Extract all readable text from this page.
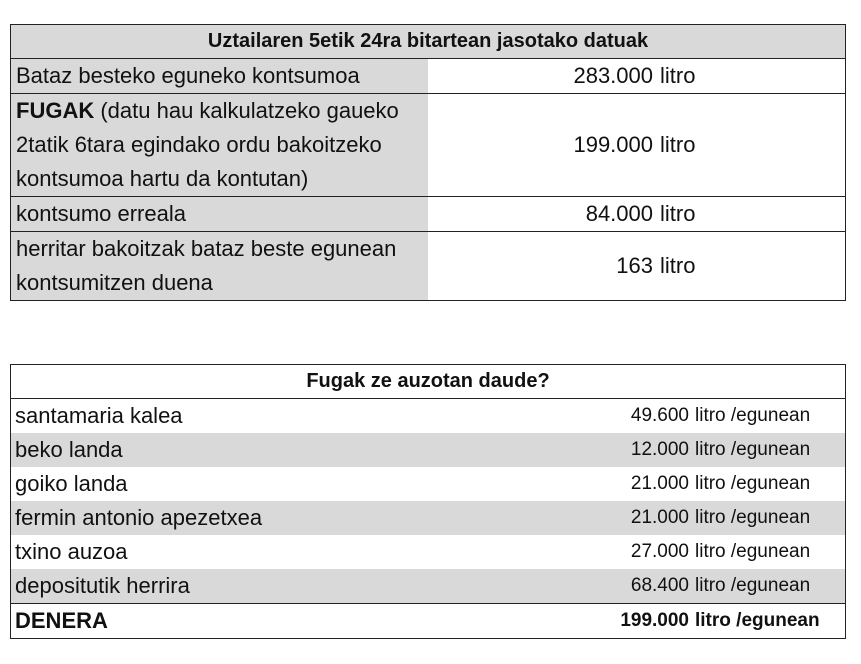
Uztailaren 5etik 24ra bitartean jasotako datuak	
Bataz besteko eguneko kontsumoa	283.000 litro
FUGAK (datu hau kalkulatzeko gaueko
2tatik 6tara egindako ordu bakoitzeko
kontsumoa hartu da kontutan)	199.000 litro
kontsumo erreala	84.000 litro
herritar bakoitzak bataz beste egunean
kontsumitzen duena	163 litro
Fugak ze auzotan daude?	
santamaria kalea	49.600 litro /egunean
beko landa	12.000 litro /egunean
goiko landa	21.000 litro /egunean
fermin antonio apezetxea	21.000 litro /egunean
txino auzoa	27.000 litro /egunean
depositutik herrira	68.400 litro /egunean
DENERA	199.000 litro /egunean
